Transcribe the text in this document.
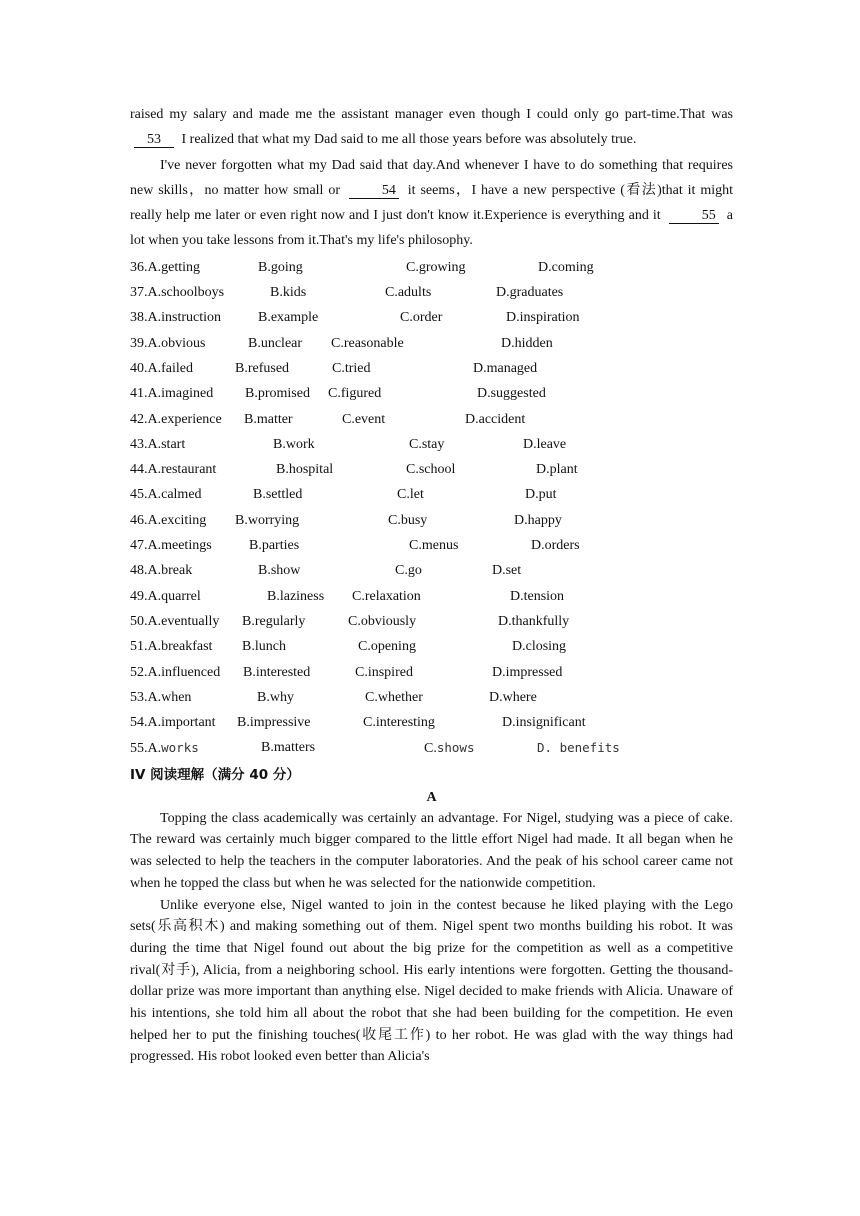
raised my salary and made me the assistant manager even though I could only go part-time.That was 53 I realized that what my Dad said to me all those years before was absolutely true.

I've never forgotten what my Dad said that day.And whenever I have to do something that requires new skills，no matter how small or	54 it seems，I have a new perspective (看法)that it might really help me later or even right now and I just don't know it.Experience is everything and it	55 a lot when you take lessons from it.That's my life's philosophy.

36.A.getting	B.going	C.growing	D.coming
37.A.schoolboys	B.kids	C.adults	D.graduates
38.A.instruction	B.example	C.order	D.inspiration
39.A.obvious	B.unclear C.reasonable	D.hidden
40.A.failed	B.refused	C.tried	D.managed
41.A.imagined B.promised C.figured	D.suggested
42.A.experience B.matter	C.event	D.accident
43.A.start	B.work	C.stay	D.leave
44.A.restaurant	B.hospital	C.school	D.plant
45.A.calmed	B.settled	C.let	D.put
46.A.exciting B.worrying	C.busy	D.happy
47.A.meetings	B.parties	C.menus	D.orders
48.A.break	B.show	C.go	D.set
49.A.quarrel	B.laziness C.relaxation	D.tension
50.A.eventually B.regularly	C.obviously	D.thankfully
51.A.breakfast B.lunch	C.opening	D.closing
52.A.influenced B.interested	C.inspired	D.impressed
53.A.when	B.why	C.whether	D.where
54.A.important B.impressive	C.interesting	D.insignificant
55.A.works	B.matters	C.shows	D. benefits
IV 阅读理解（满分 40 分）
A

Topping the class academically was certainly an advantage. For Nigel, studying was a piece of cake. The reward was certainly much bigger compared to the little effort Nigel had made. It all began when he was selected to help the teachers in the computer laboratories. And the peak of his school career came not when he topped the class but when he was selected for the nationwide competition.

Unlike everyone else, Nigel wanted to join in the contest because he liked playing with the Lego sets(乐高积木) and making something out of them. Nigel spent two months building his robot. It was during the time that Nigel found out about the big prize for the competition as well as a competitive rival(对手), Alicia, from a neighboring school. His early intentions were forgotten. Getting the thousand-dollar prize was more important than anything else. Nigel decided to make friends with Alicia. Unaware of his intentions, she told him all about the robot that she had been building for the competition. He even helped her to put the finishing touches(收尾工作) to her robot. He was glad with the way things had progressed. His robot looked even better than Alicia's
